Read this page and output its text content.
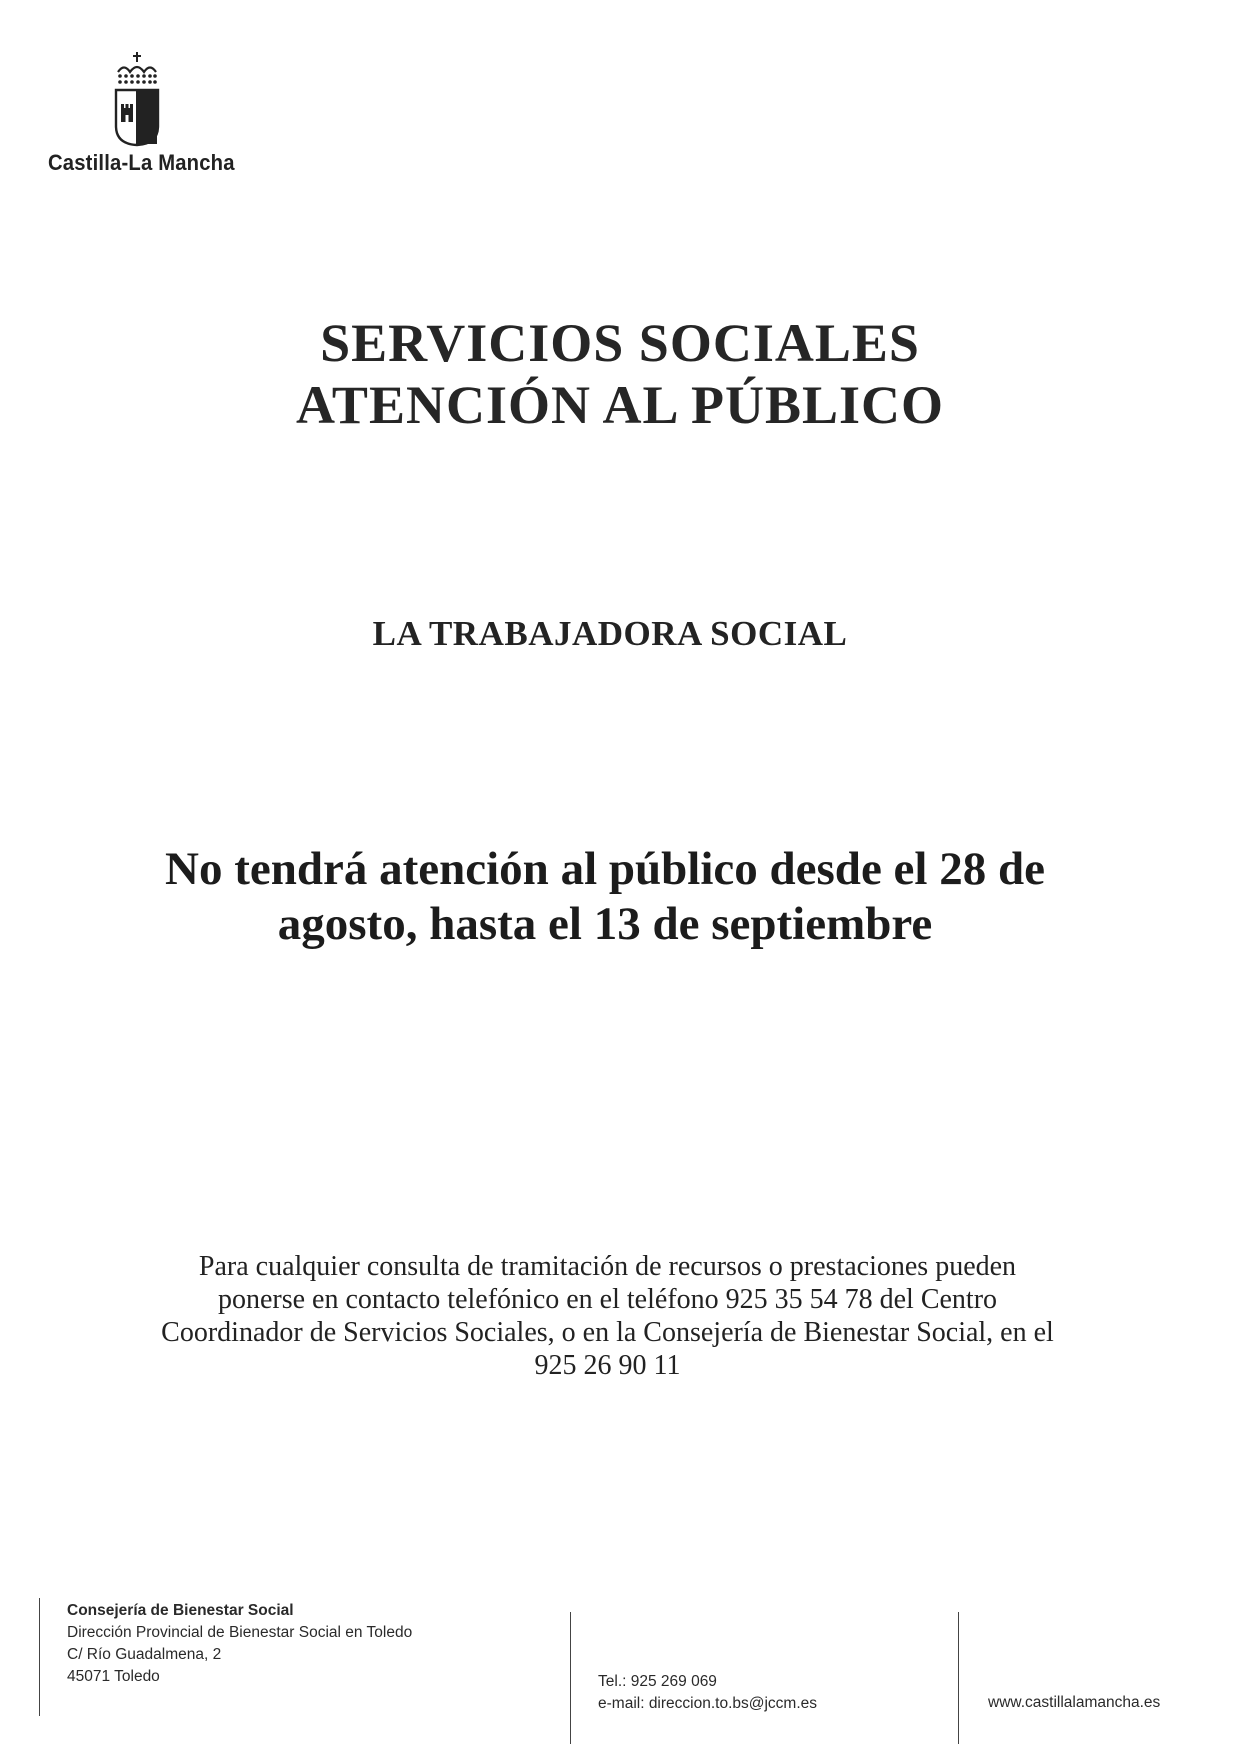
Castilla-La Mancha
SERVICIOS SOCIALES
ATENCIÓN AL PÚBLICO
LA TRABAJADORA SOCIAL
No tendrá atención al público desde el 28 de
agosto, hasta el 13 de septiembre
Para cualquier consulta de tramitación de recursos o prestaciones pueden
ponerse en contacto telefónico en el teléfono 925 35 54 78 del Centro
Coordinador de Servicios Sociales, o en la Consejería de Bienestar Social, en el
925 26 90 11
Consejería de Bienestar Social
Dirección Provincial de Bienestar Social en Toledo
C/ Río Guadalmena, 2
45071 Toledo	Tel.: 925 269 069
e-mail: direccion.to.bs@jccm.es	www.castillalamancha.es
